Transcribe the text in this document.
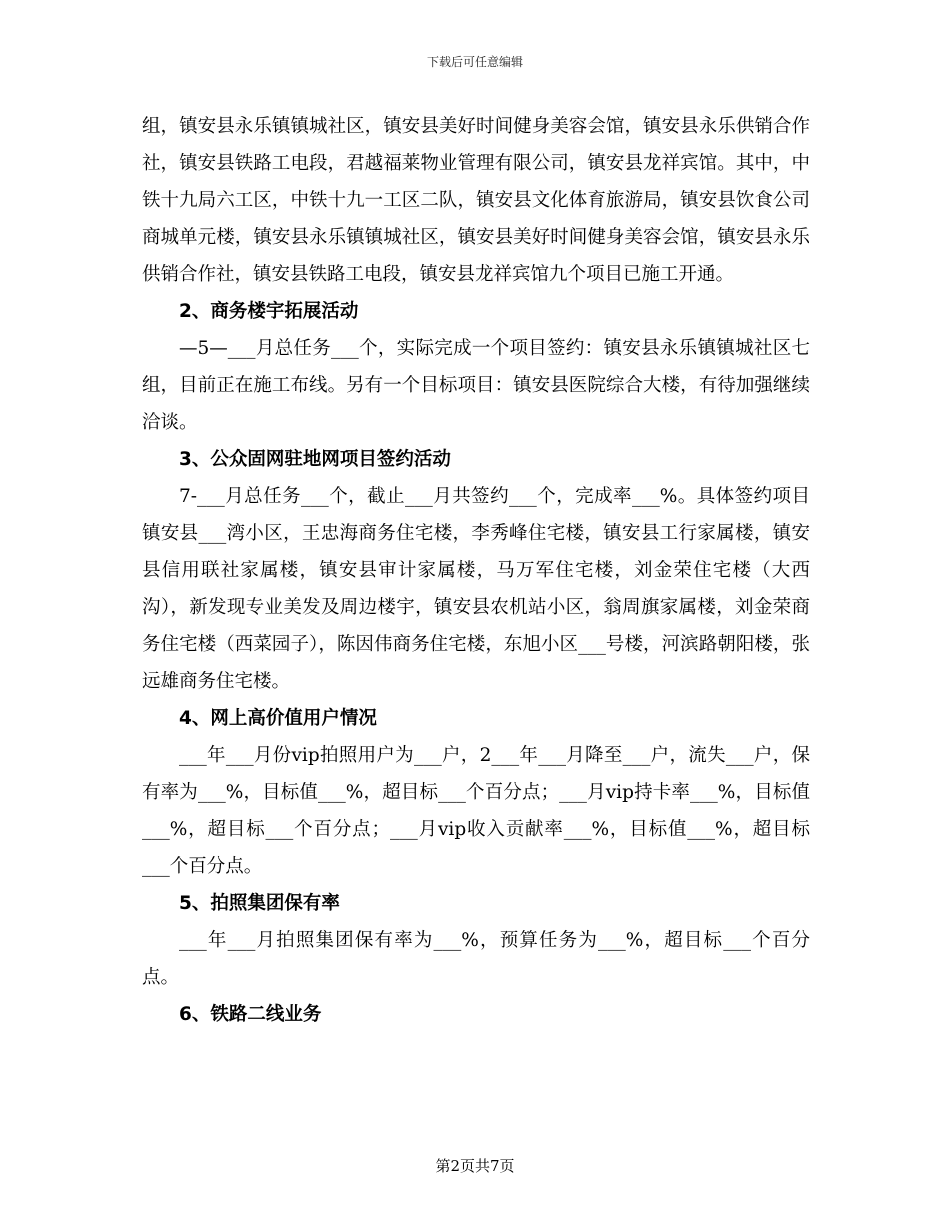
下载后可任意编辑

组，镇安县永乐镇镇城社区，镇安县美好时间健身美容会馆，镇安县永乐供销合作社，镇安县铁路工电段，君越福莱物业管理有限公司，镇安县龙祥宾馆。其中，中铁十九局六工区，中铁十九一工区二队，镇安县文化体育旅游局，镇安县饮食公司商城单元楼，镇安县永乐镇镇城社区，镇安县美好时间健身美容会馆，镇安县永乐供销合作社，镇安县铁路工电段，镇安县龙祥宾馆九个项目已施工开通。

2、商务楼宇拓展活动

—5—___月总任务___个，实际完成一个项目签约：镇安县永乐镇镇城社区七组，目前正在施工布线。另有一个目标项目：镇安县医院综合大楼，有待加强继续洽谈。

3、公众固网驻地网项目签约活动

7-___月总任务___个，截止___月共签约___个，完成率___%。具体签约项目镇安县___湾小区，王忠海商务住宅楼，李秀峰住宅楼，镇安县工行家属楼，镇安县信用联社家属楼，镇安县审计家属楼，马万军住宅楼，刘金荣住宅楼（大西沟），新发现专业美发及周边楼宇，镇安县农机站小区，翁周旗家属楼，刘金荣商务住宅楼（西菜园子），陈因伟商务住宅楼，东旭小区___号楼，河滨路朝阳楼，张远雄商务住宅楼。

4、网上高价值用户情况

___年___月份vip拍照用户为___户，2___年___月降至___户，流失___户，保有率为___%，目标值___%，超目标___个百分点；___月vip持卡率___%，目标值___%，超目标___个百分点；___月vip收入贡献率___%，目标值___%，超目标___个百分点。

5、拍照集团保有率

___年___月拍照集团保有率为___%，预算任务为___%，超目标___个百分点。

6、铁路二线业务
第2页共7页
